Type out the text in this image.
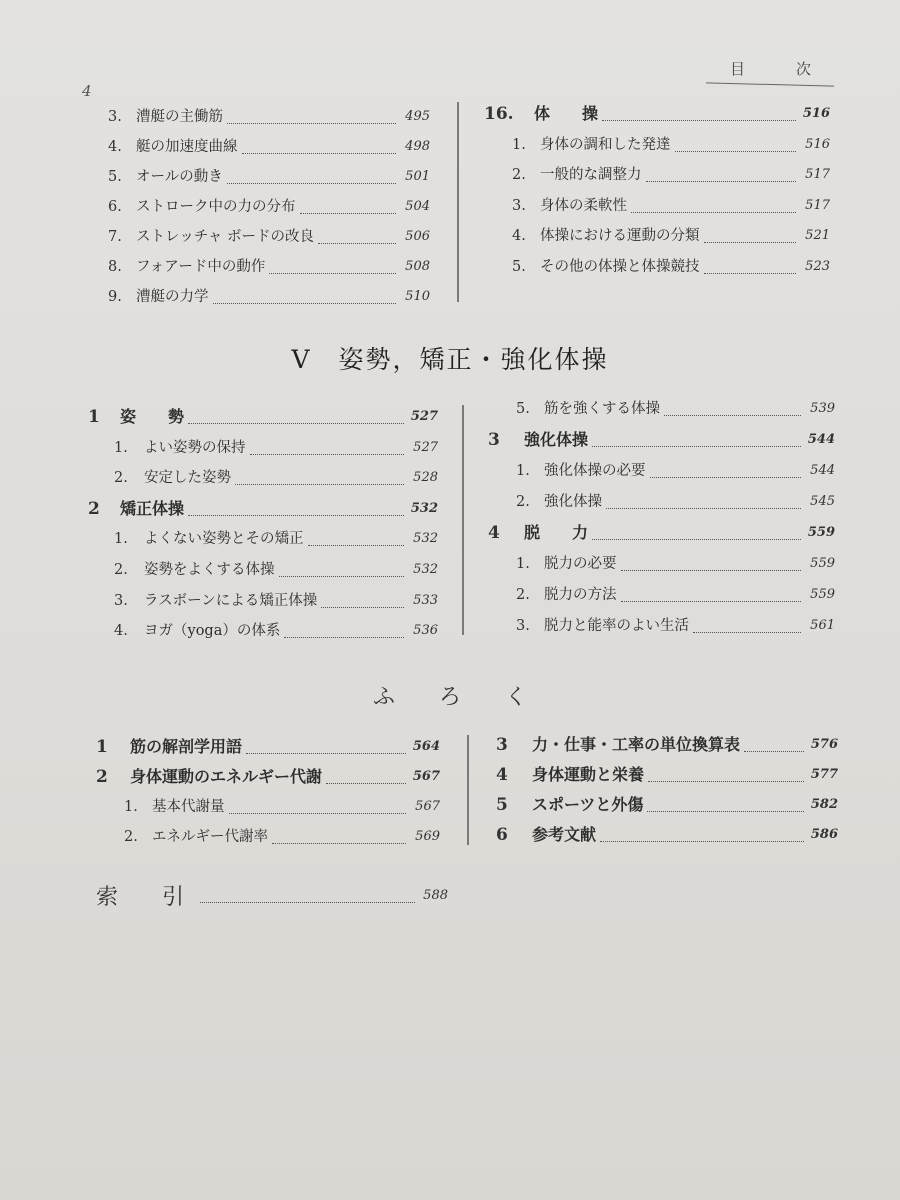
4
目　次
3. 漕艇の主働筋	495
4. 艇の加速度曲線	498
5. オールの動き	501
6. ストローク中の力の分布	504
7. ストレッチャ ボードの改良	506
8. フォアード中の動作	508
9. 漕艇の力学	510
16.	体　　操	516
1. 身体の調和した発達	516
2. 一般的な調整力	517
3. 身体の柔軟性	517
4. 体操における運動の分類	521
5. その他の体操と体操競技	523
V　姿勢，矯正・強化体操
1	姿　　勢	527
1.	よい姿勢の保持	527
2.	安定した姿勢	528
2	矯正体操	532
1.	よくない姿勢とその矯正	532
2.	姿勢をよくする体操	532
3.	ラスボーンによる矯正体操	533
4.	ヨガ（yoga）の体系	536
5. 筋を強くする体操	539
3	強化体操	544
1. 強化体操の必要	544
2. 強化体操	545
4	脱　　力	559
1. 脱力の必要	559
2. 脱力の方法	559
3. 脱力と能率のよい生活	561
ふ　　ろ　　く
1	筋の解剖学用語	564
2	身体運動のエネルギー代謝	567
1. 基本代謝量	567
2. エネルギー代謝率	569
3	力・仕事・工率の単位換算表	576
4	身体運動と栄養	577
5	スポーツと外傷	582
6	参考文献	586
索　　引	588
